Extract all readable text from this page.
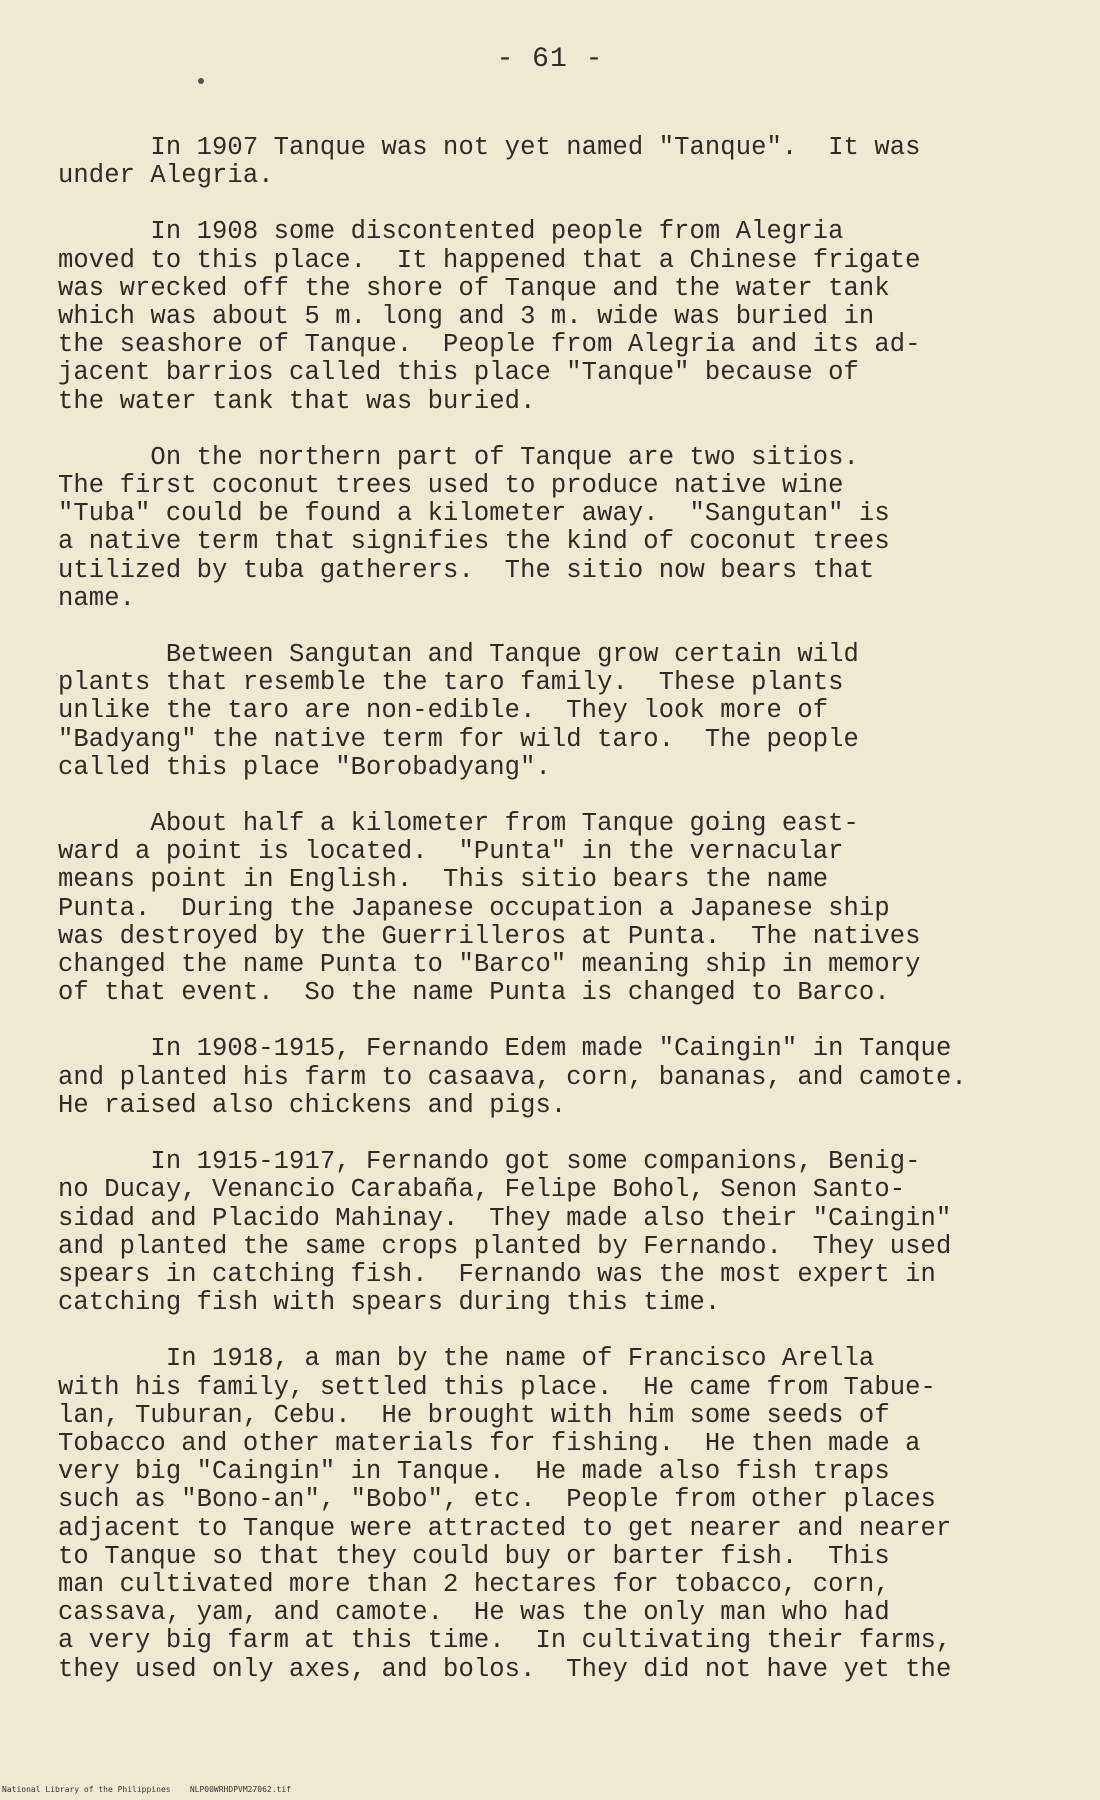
- 61 -
In 1907 Tanque was not yet named "Tanque".  It was
under Alegria.
In 1908 some discontented people from Alegria
moved to this place.  It happened that a Chinese frigate
was wrecked off the shore of Tanque and the water tank
which was about 5 m. long and 3 m. wide was buried in
the seashore of Tanque.  People from Alegria and its ad-
jacent barrios called this place "Tanque" because of
the water tank that was buried.
On the northern part of Tanque are two sitios.
The first coconut trees used to produce native wine
"Tuba" could be found a kilometer away.  "Sangutan" is
a native term that signifies the kind of coconut trees
utilized by tuba gatherers.  The sitio now bears that
name.
Between Sangutan and Tanque grow certain wild
plants that resemble the taro family.  These plants
unlike the taro are non-edible.  They look more of
"Badyang" the native term for wild taro.  The people
called this place "Borobadyang".
About half a kilometer from Tanque going east-
ward a point is located.  "Punta" in the vernacular
means point in English.  This sitio bears the name
Punta.  During the Japanese occupation a Japanese ship
was destroyed by the Guerrilleros at Punta.  The natives
changed the name Punta to "Barco" meaning ship in memory
of that event.  So the name Punta is changed to Barco.
In 1908-1915, Fernando Edem made "Caingin" in Tanque
and planted his farm to casaava, corn, bananas, and camote.
He raised also chickens and pigs.
In 1915-1917, Fernando got some companions, Benig-
no Ducay, Venancio Carabaña, Felipe Bohol, Senon Santo-
sidad and Placido Mahinay.  They made also their "Caingin"
and planted the same crops planted by Fernando.  They used
spears in catching fish.  Fernando was the most expert in
catching fish with spears during this time.
In 1918, a man by the name of Francisco Arella
with his family, settled this place.  He came from Tabue-
lan, Tuburan, Cebu.  He brought with him some seeds of
Tobacco and other materials for fishing.  He then made a
very big "Caingin" in Tanque.  He made also fish traps
such as "Bono-an", "Bobo", etc.  People from other places
adjacent to Tanque were attracted to get nearer and nearer
to Tanque so that they could buy or barter fish.  This
man cultivated more than 2 hectares for tobacco, corn,
cassava, yam, and camote.  He was the only man who had
a very big farm at this time.  In cultivating their farms,
they used only axes, and bolos.  They did not have yet the
National Library of the Philippines NLP00WRHDPVM27062.tif
